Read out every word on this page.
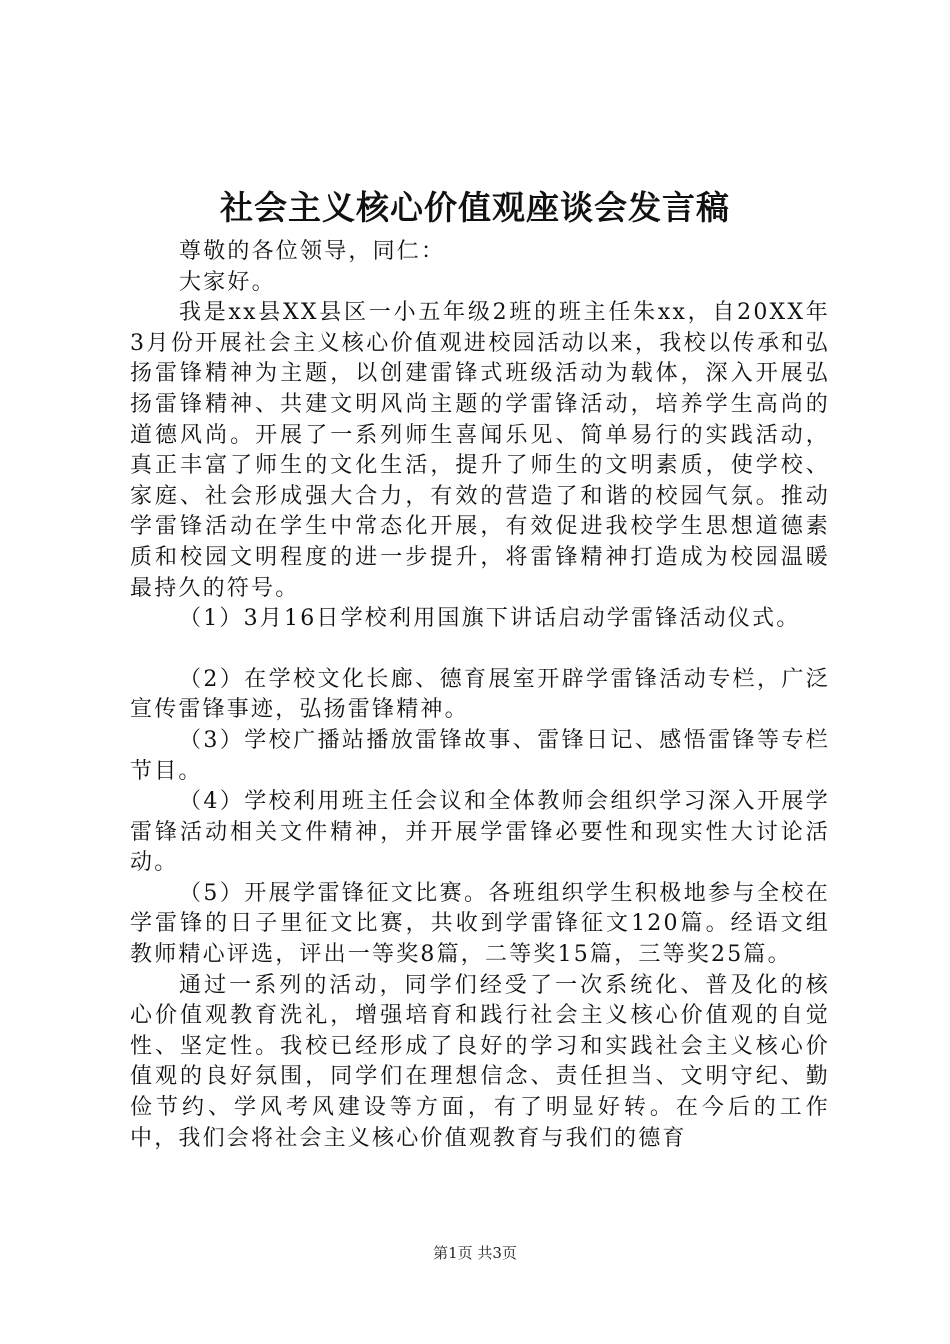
社会主义核心价值观座谈会发言稿

尊敬的各位领导，同仁：

大家好。

我是xx县XX县区一小五年级2班的班主任朱xx，自20XX年3月份开展社会主义核心价值观进校园活动以来，我校以传承和弘扬雷锋精神为主题，以创建雷锋式班级活动为载体，深入开展弘扬雷锋精神、共建文明风尚主题的学雷锋活动，培养学生高尚的道德风尚。开展了一系列师生喜闻乐见、简单易行的实践活动，真正丰富了师生的文化生活，提升了师生的文明素质，使学校、家庭、社会形成强大合力，有效的营造了和谐的校园气氛。推动学雷锋活动在学生中常态化开展，有效促进我校学生思想道德素质和校园文明程度的进一步提升，将雷锋精神打造成为校园温暖最持久的符号。

（1）3月16日学校利用国旗下讲话启动学雷锋活动仪式。

（2）在学校文化长廊、德育展室开辟学雷锋活动专栏，广泛宣传雷锋事迹，弘扬雷锋精神。

（3）学校广播站播放雷锋故事、雷锋日记、感悟雷锋等专栏节目。

（4）学校利用班主任会议和全体教师会组织学习深入开展学雷锋活动相关文件精神，并开展学雷锋必要性和现实性大讨论活动。

（5）开展学雷锋征文比赛。各班组织学生积极地参与全校在学雷锋的日子里征文比赛，共收到学雷锋征文120篇。经语文组教师精心评选，评出一等奖8篇，二等奖15篇，三等奖25篇。

通过一系列的活动，同学们经受了一次系统化、普及化的核心价值观教育洗礼，增强培育和践行社会主义核心价值观的自觉性、坚定性。我校已经形成了良好的学习和实践社会主义核心价值观的良好氛围，同学们在理想信念、责任担当、文明守纪、勤俭节约、学风考风建设等方面，有了明显好转。在今后的工作中，我们会将社会主义核心价值观教育与我们的德育

第1页 共3页
